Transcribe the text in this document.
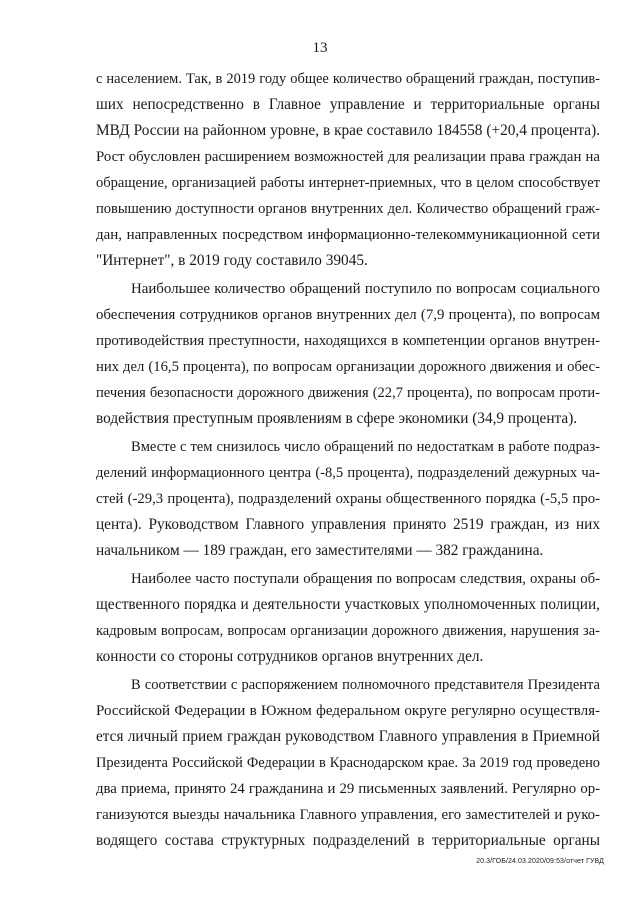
13
с населением. Так, в 2019 году общее количество обращений граждан, поступив-
ших непосредственно в Главное управление и территориальные органы
МВД России на районном уровне, в крае составило 184558 (+20,4 процента).
Рост обусловлен расширением возможностей для реализации права граждан на
обращение, организацией работы интернет-приемных, что в целом способствует
повышению доступности органов внутренних дел. Количество обращений граж-
дан, направленных посредством информационно-телекоммуникационной сети
"Интернет", в 2019 году составило 39045.
Наибольшее количество обращений поступило по вопросам социального
обеспечения сотрудников органов внутренних дел (7,9 процента), по вопросам
противодействия преступности, находящихся в компетенции органов внутрен-
них дел (16,5 процента), по вопросам организации дорожного движения и обес-
печения безопасности дорожного движения (22,7 процента), по вопросам проти-
водействия преступным проявлениям в сфере экономики (34,9 процента).
Вместе с тем снизилось число обращений по недостаткам в работе подраз-
делений информационного центра (-8,5 процента), подразделений дежурных ча-
стей (-29,3 процента), подразделений охраны общественного порядка (-5,5 про-
цента). Руководством Главного управления принято 2519 граждан, из них
начальником — 189 граждан, его заместителями — 382 гражданина.
Наиболее часто поступали обращения по вопросам следствия, охраны об-
щественного порядка и деятельности участковых уполномоченных полиции,
кадровым вопросам, вопросам организации дорожного движения, нарушения за-
конности со стороны сотрудников органов внутренних дел.
В соответствии с распоряжением полномочного представителя Президента
Российской Федерации в Южном федеральном округе регулярно осуществля-
ется личный прием граждан руководством Главного управления в Приемной
Президента Российской Федерации в Краснодарском крае. За 2019 год проведено
два приема, принято 24 гражданина и 29 письменных заявлений. Регулярно ор-
ганизуются выезды начальника Главного управления, его заместителей и руко-
водящего состава структурных подразделений в территориальные органы
20.3/ГОБ/24.03.2020/09:53/отчет ГУВД
